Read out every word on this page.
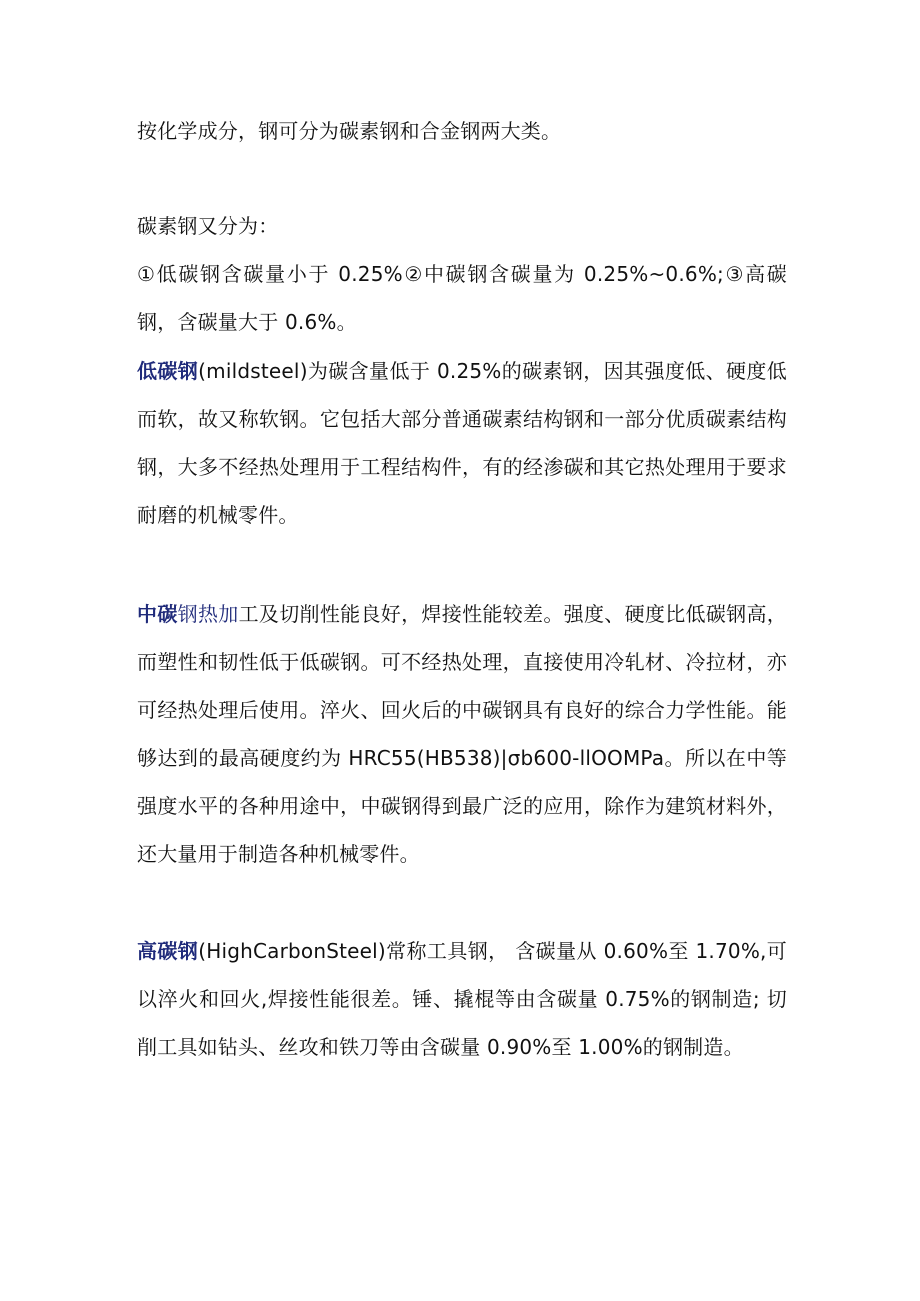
按化学成分，钢可分为碳素钢和合金钢两大类。
碳素钢又分为：
①低碳钢含碳量小于 0.25%②中碳钢含碳量为 0.25%~0.6%;③高碳钢，含碳量大于 0.6%。
低碳钢(mildsteel)为碳含量低于 0.25%的碳素钢，因其强度低、硬度低而软，故又称软钢。它包括大部分普通碳素结构钢和一部分优质碳素结构钢，大多不经热处理用于工程结构件，有的经渗碳和其它热处理用于要求耐磨的机械零件。
中碳钢热加工及切削性能良好，焊接性能较差。强度、硬度比低碳钢高，而塑性和韧性低于低碳钢。可不经热处理，直接使用冷轧材、冷拉材，亦可经热处理后使用。淬火、回火后的中碳钢具有良好的综合力学性能。能够达到的最高硬度约为 HRC55(HB538)|σb600-llOOMPa。所以在中等强度水平的各种用途中，中碳钢得到最广泛的应用，除作为建筑材料外，还大量用于制造各种机械零件。
高碳钢(HighCarbonSteel)常称工具钢， 含碳量从 0.60%至 1.70%,可以淬火和回火,焊接性能很差。锤、撬棍等由含碳量 0.75%的钢制造; 切削工具如钻头、丝攻和铁刀等由含碳量 0.90%至 1.00%的钢制造。
